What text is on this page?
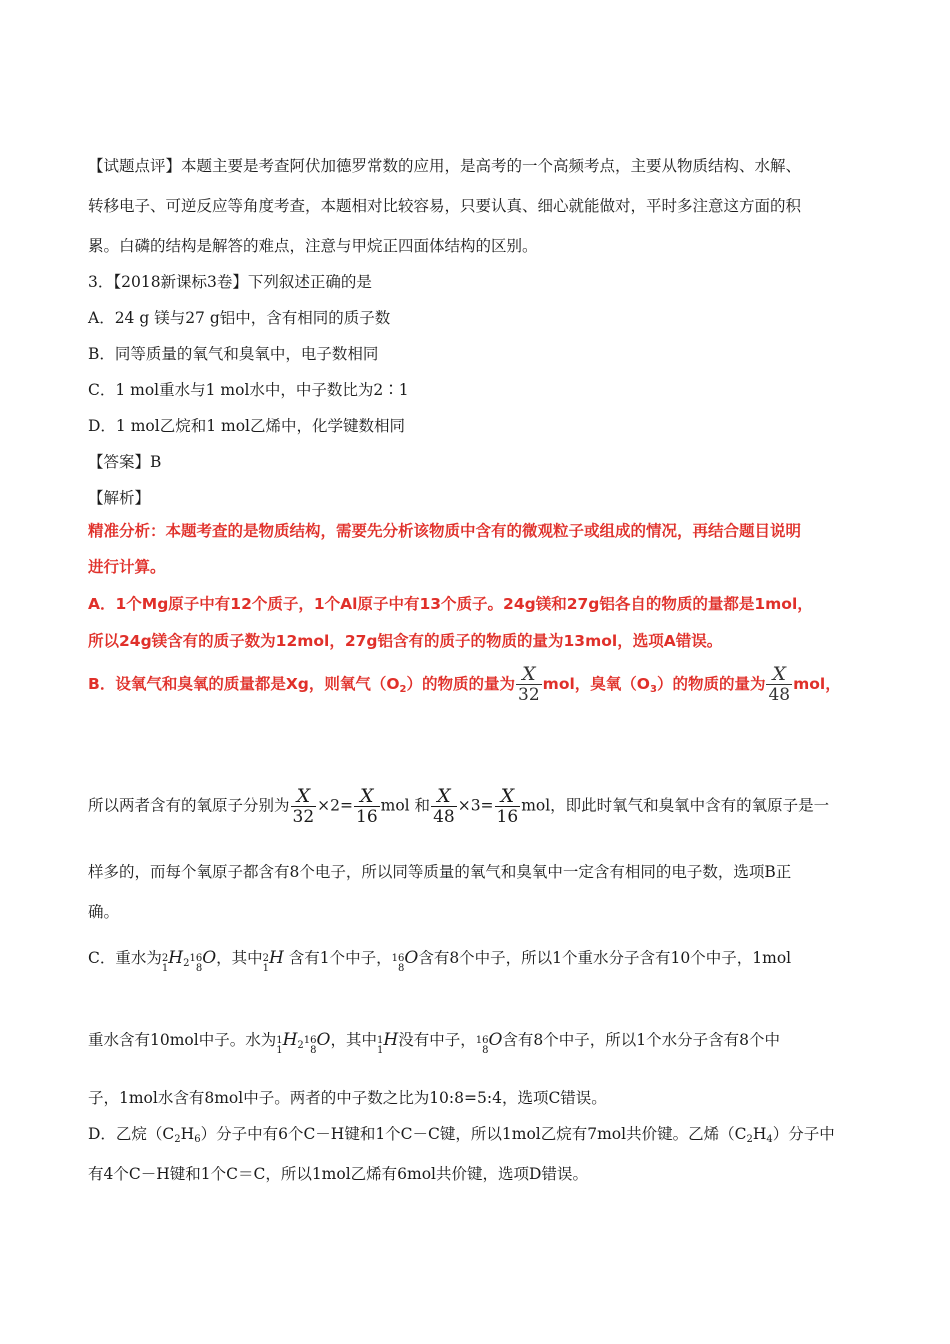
【试题点评】本题主要是考查阿伏加德罗常数的应用，是高考的一个高频考点，主要从物质结构、水解、
转移电子、可逆反应等角度考查，本题相对比较容易，只要认真、细心就能做对，平时多注意这方面的积
累。白磷的结构是解答的难点，注意与甲烷正四面体结构的区别。
3．【2018新课标3卷】下列叙述正确的是
A．24 g 镁与27 g铝中，含有相同的质子数
B．同等质量的氧气和臭氧中，电子数相同
C．1 mol重水与1 mol水中，中子数比为2∶1
D．1 mol乙烷和1 mol乙烯中，化学键数相同
【答案】B
【解析】
精准分析：本题考查的是物质结构，需要先分析该物质中含有的微观粒子或组成的情况，再结合题目说明
进行计算。
A．1个Mg原子中有12个质子，1个Al原子中有13个质子。24g镁和27g铝各自的物质的量都是1mol，
所以24g镁含有的质子数为12mol，27g铝含有的质子的物质的量为13mol，选项A错误。
B．设氧气和臭氧的质量都是Xg，则氧气$(O_2)$的物质的量为 $\frac{X}{32}$ mol，臭氧$(O_3)$的物质的量为 $\frac{X}{48}$ mol，
所以两者含有的氧原子分别为 $\frac{X}{32} \times 2= \frac{X}{16}$ mol 和 $\frac{X}{48} \times 3= \frac{X}{16}$ mol，即此时氧气和臭氧中含有的氧原子是一
样多的，而每个氧原子都含有8个电子，所以同等质量的氧气和臭氧中一定含有相同的电子数，选项B正
确。
C．重水为 2
1
$H_2$ 16
8
O，其中 2
1
H 含有1个中子， 16
8
O含有8个中子，所以1个重水分子含有10个中子，1mol
重水含有10mol中子。水为 1
1
$H_2$ 16
8
O，其中 1
1
H没有中子， 16
8
O含有8个中子，所以1个水分子含有8个中
子，1mol水含有8mol中子。两者的中子数之比为10:8=5:4，选项C错误。
D．乙烷$(C_2H_6)$分子中有6个C－H键和1个C－C键，所以1mol乙烷有7mol共价键。乙烯$(C_2H_4)$分子中
有4个C－H键和1个C＝C，所以1mol乙烯有6mol共价键，选项D错误。
